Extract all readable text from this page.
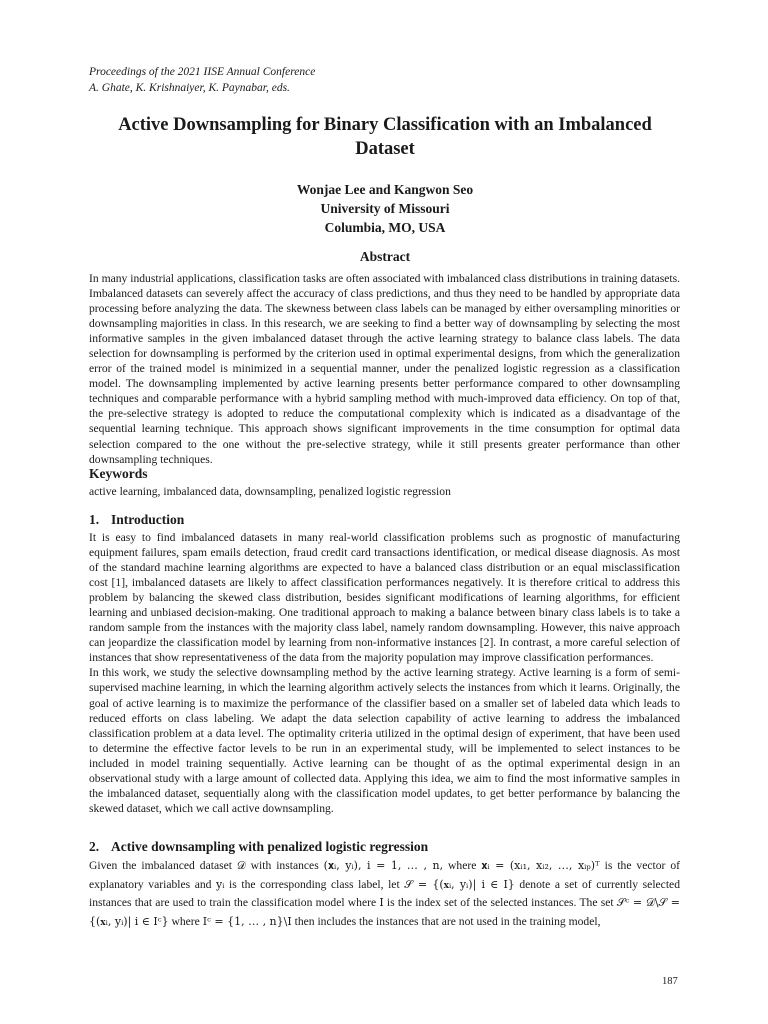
Proceedings of the 2021 IISE Annual Conference
A. Ghate, K. Krishnaiyer, K. Paynabar, eds.
Active Downsampling for Binary Classification with an Imbalanced
Dataset
Wonjae Lee and Kangwon Seo
University of Missouri
Columbia, MO, USA
Abstract

In many industrial applications, classification tasks are often associated with imbalanced class distributions in training datasets. Imbalanced datasets can severely affect the accuracy of class predictions, and thus they need to be handled by appropriate data processing before analyzing the data. The skewness between class labels can be managed by either oversampling minorities or downsampling majorities in class. In this research, we are seeking to find a better way of downsampling by selecting the most informative samples in the given imbalanced dataset through the active learning strategy to balance class labels. The data selection for downsampling is performed by the criterion used in optimal experimental designs, from which the generalization error of the trained model is minimized in a sequential manner, under the penalized logistic regression as a classification model. The downsampling implemented by active learning presents better performance compared to other downsampling techniques and comparable performance with a hybrid sampling method with much-improved data efficiency. On top of that, the pre-selective strategy is adopted to reduce the computational complexity which is indicated as a disadvantage of the sequential learning technique. This approach shows significant improvements in the time consumption for optimal data selection compared to the one without the pre-selective strategy, while it still presents greater performance than other downsampling techniques.

Keywords
active learning, imbalanced data, downsampling, penalized logistic regression
1. Introduction

It is easy to find imbalanced datasets in many real-world classification problems such as prognostic of manufacturing equipment failures, spam emails detection, fraud credit card transactions identification, or medical disease diagnosis. As most of the standard machine learning algorithms are expected to have a balanced class distribution or an equal misclassification cost [1], imbalanced datasets are likely to affect classification performances negatively. It is therefore critical to address this problem by balancing the skewed class distribution, besides significant modifications of learning algorithms, for efficient learning and unbiased decision-making. One traditional approach to making a balance between binary class labels is to take a random sample from the instances with the majority class label, namely random downsampling. However, this naive approach can jeopardize the classification model by learning from non-informative instances [2]. In contrast, a more careful selection of instances that show representativeness of the data from the majority population may improve classification performances.

In this work, we study the selective downsampling method by the active learning strategy. Active learning is a form of semi-supervised machine learning, in which the learning algorithm actively selects the instances from which it learns. Originally, the goal of active learning is to maximize the performance of the classifier based on a smaller set of labeled data which leads to reduced efforts on class labeling. We adapt the data selection capability of active learning to address the imbalanced classification problem at a data level. The optimality criteria utilized in the optimal design of experiment, that have been used to determine the effective factor levels to be run in an experimental study, will be implemented to select instances to be included in model training sequentially. Active learning can be thought of as the optimal experimental design in an observational study with a large amount of collected data. Applying this idea, we aim to find the most informative samples in the imbalanced dataset, sequentially along with the classification model updates, to get better performance by balancing the skewed dataset, which we call active downsampling.

2. Active downsampling with penalized logistic regression

Given the imbalanced dataset 𝒟 with instances (𝐱ᵢ, yᵢ), i = 1, … , n, where 𝐱ᵢ = (xᵢ₁, xᵢ₂, …, xᵢₚ)ᵀ is the vector of explanatory variables and yᵢ is the corresponding class label, let 𝒮 = {(𝐱ᵢ, yᵢ)| i ∈ I} denote a set of currently selected instances that are used to train the classification model where I is the index set of the selected instances. The set 𝒮ᶜ = 𝒟\𝒮 = {(𝐱ᵢ, yᵢ)| i ∈ Iᶜ} where Iᶜ = {1, … , n}\I then includes the instances that are not used in the training model,

187
